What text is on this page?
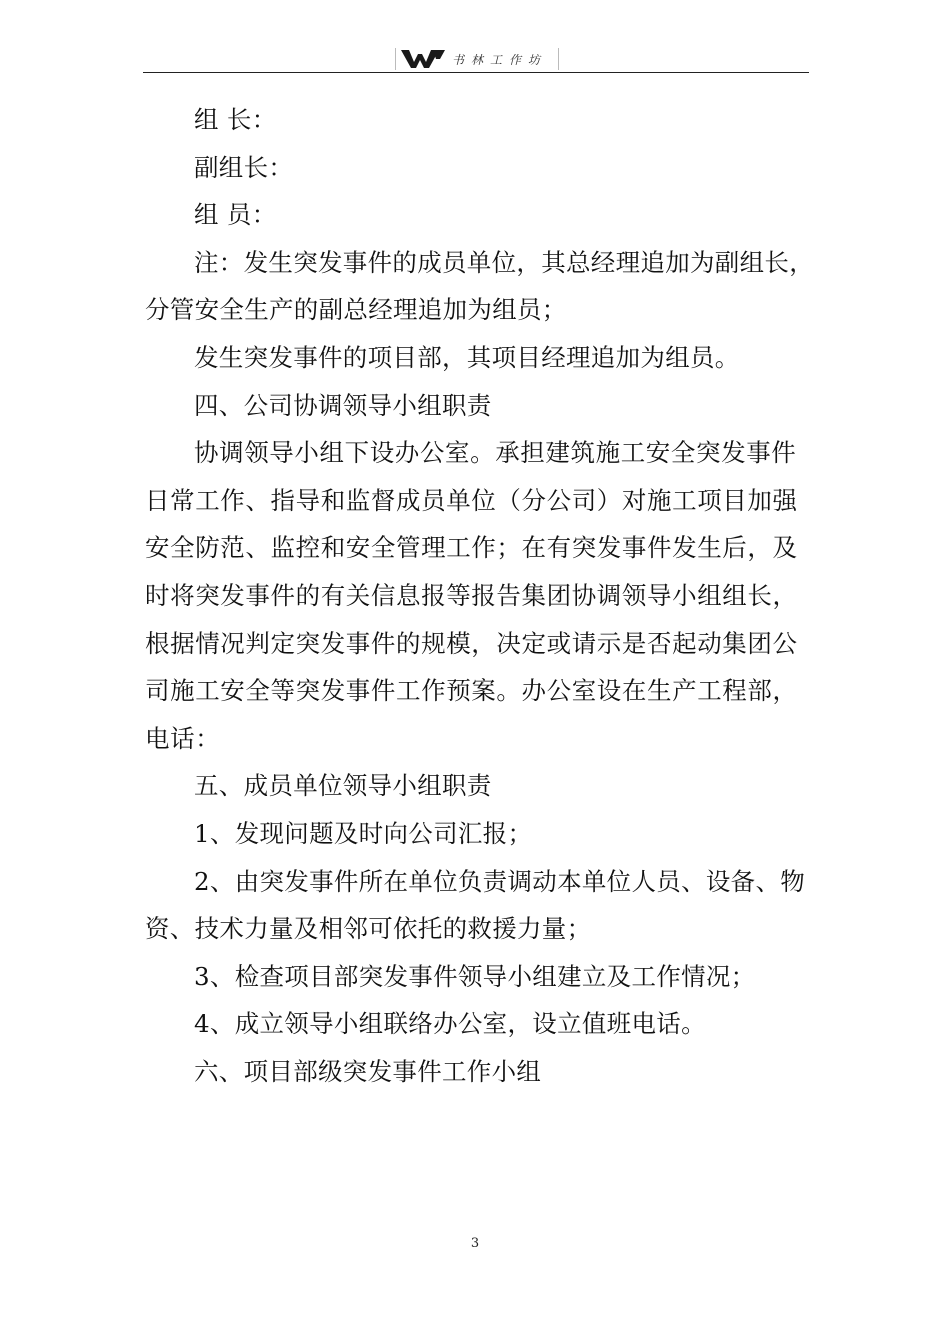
书林工作坊

组 长：

副组长：

组 员：

注：发生突发事件的成员单位，其总经理追加为副组长，分管安全生产的副总经理追加为组员；

发生突发事件的项目部，其项目经理追加为组员。

四、公司协调领导小组职责

协调领导小组下设办公室。承担建筑施工安全突发事件日常工作、指导和监督成员单位（分公司）对施工项目加强安全防范、监控和安全管理工作；在有突发事件发生后，及时将突发事件的有关信息报等报告集团协调领导小组组长，根据情况判定突发事件的规模，决定或请示是否起动集团公司施工安全等突发事件工作预案。办公室设在生产工程部，电话：

五、成员单位领导小组职责

1、发现问题及时向公司汇报；

2、由突发事件所在单位负责调动本单位人员、设备、物资、技术力量及相邻可依托的救援力量；

3、检查项目部突发事件领导小组建立及工作情况；

4、成立领导小组联络办公室，设立值班电话。

六、项目部级突发事件工作小组

3
